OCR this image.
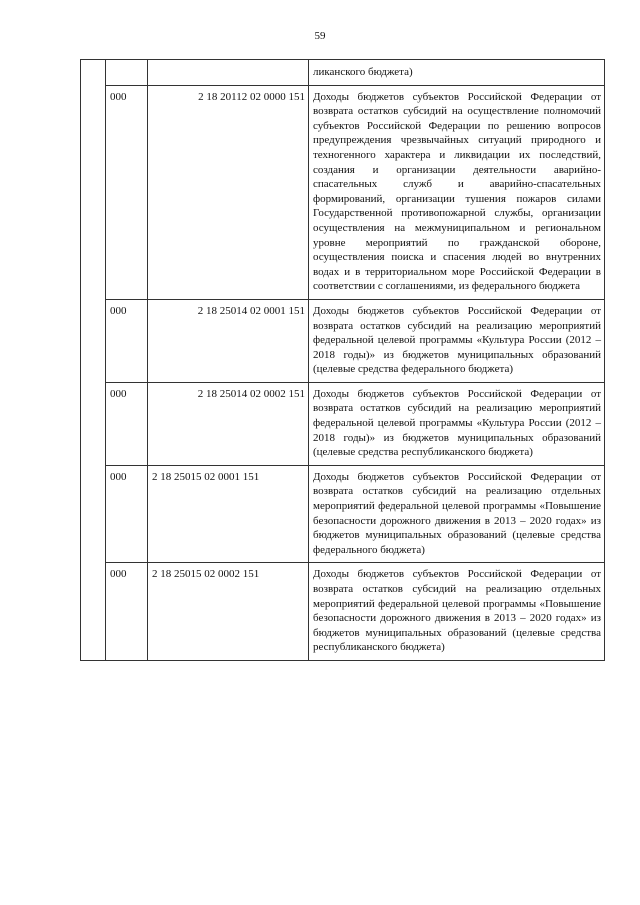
59
			ликанского бюджета)
	000	2 18 20112 02 0000 151	Доходы бюджетов субъектов Российской Федерации от возврата остатков субсидий на осуществление полномочий субъектов Российской Федерации по решению вопросов предупреждения чрезвычайных ситуаций природного и техногенного характера и ликвидации их последствий, создания и организации деятельности аварийно-спасательных служб и аварийно-спасательных формирований, организации тушения пожаров силами Государственной противопожарной службы, организации осуществления на межмуниципальном и региональном уровне мероприятий по гражданской обороне, осуществления поиска и спасения людей во внутренних водах и в территориальном море Российской Федерации в соответствии с соглашениями, из федерального бюджета
	000	2 18 25014 02 0001 151	Доходы бюджетов субъектов Российской Федерации от возврата остатков субсидий на реализацию мероприятий федеральной целевой программы «Культура России (2012 – 2018 годы)» из бюджетов муниципальных образований (целевые средства федерального бюджета)
	000	2 18 25014 02 0002 151	Доходы бюджетов субъектов Российской Федерации от возврата остатков субсидий на реализацию мероприятий федеральной целевой программы «Культура России (2012 – 2018 годы)» из бюджетов муниципальных образований (целевые средства республиканского бюджета)
	000	2 18 25015 02 0001 151	Доходы бюджетов субъектов Российской Федерации от возврата остатков субсидий на реализацию отдельных мероприятий федеральной целевой программы «Повышение безопасности дорожного движения в 2013 – 2020 годах» из бюджетов муниципальных образований (целевые средства федерального бюджета)
	000	2 18 25015 02 0002 151	Доходы бюджетов субъектов Российской Федерации от возврата остатков субсидий на реализацию отдельных мероприятий федеральной целевой программы «Повышение безопасности дорожного движения в 2013 – 2020 годах» из бюджетов муниципальных образований (целевые средства республиканского бюджета)
